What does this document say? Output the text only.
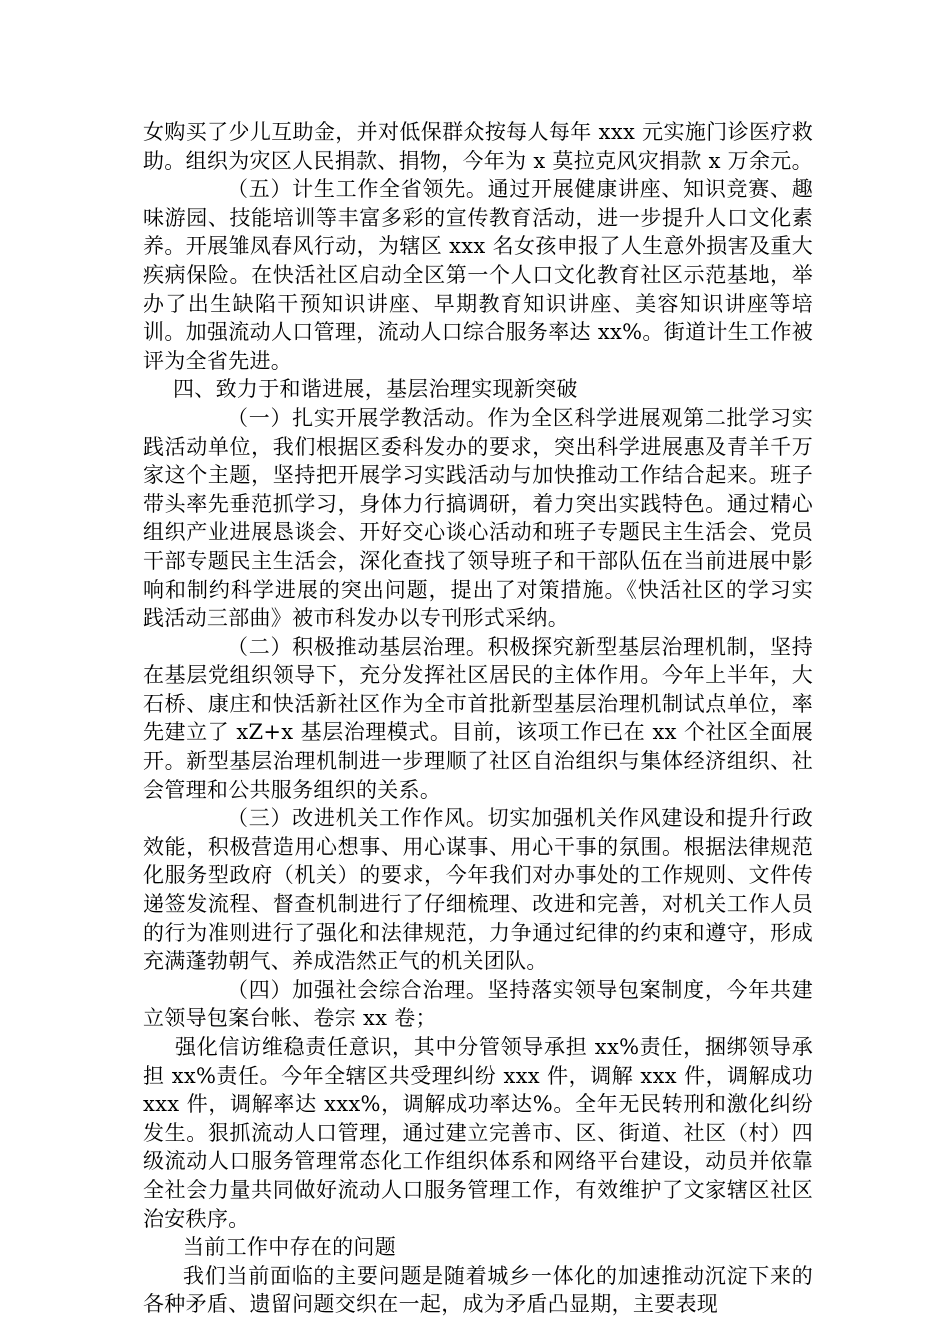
女购买了少儿互助金，并对低保群众按每人每年 xxx 元实施门诊医疗救助。组织为灾区人民捐款、捐物，今年为 x 莫拉克风灾捐款 x 万余元。

（五）计生工作全省领先。通过开展健康讲座、知识竞赛、趣味游园、技能培训等丰富多彩的宣传教育活动，进一步提升人口文化素养。开展雏凤春风行动，为辖区 xxx 名女孩申报了人生意外损害及重大疾病保险。在快活社区启动全区第一个人口文化教育社区示范基地，举办了出生缺陷干预知识讲座、早期教育知识讲座、美容知识讲座等培训。加强流动人口管理，流动人口综合服务率达 xx%。街道计生工作被评为全省先进。

四、致力于和谐进展，基层治理实现新突破

（一）扎实开展学教活动。作为全区科学进展观第二批学习实践活动单位，我们根据区委科发办的要求，突出科学进展惠及青羊千万家这个主题，坚持把开展学习实践活动与加快推动工作结合起来。班子带头率先垂范抓学习，身体力行搞调研，着力突出实践特色。通过精心组织产业进展恳谈会、开好交心谈心活动和班子专题民主生活会、党员干部专题民主生活会，深化查找了领导班子和干部队伍在当前进展中影响和制约科学进展的突出问题，提出了对策措施。《快活社区的学习实践活动三部曲》被市科发办以专刊形式采纳。

（二）积极推动基层治理。积极探究新型基层治理机制，坚持在基层党组织领导下，充分发挥社区居民的主体作用。今年上半年，大石桥、康庄和快活新社区作为全市首批新型基层治理机制试点单位，率先建立了 xZ+x 基层治理模式。目前，该项工作已在 xx 个社区全面展开。新型基层治理机制进一步理顺了社区自治组织与集体经济组织、社会管理和公共服务组织的关系。

（三）改进机关工作作风。切实加强机关作风建设和提升行政效能，积极营造用心想事、用心谋事、用心干事的氛围。根据法律规范化服务型政府（机关）的要求，今年我们对办事处的工作规则、文件传递签发流程、督查机制进行了仔细梳理、改进和完善，对机关工作人员的行为准则进行了强化和法律规范，力争通过纪律的约束和遵守，形成充满蓬勃朝气、养成浩然正气的机关团队。

（四）加强社会综合治理。坚持落实领导包案制度，今年共建立领导包案台帐、卷宗 xx 卷；

强化信访维稳责任意识，其中分管领导承担 xx%责任，捆绑领导承担 xx%责任。今年全辖区共受理纠纷 xxx 件，调解 xxx 件，调解成功 xxx 件，调解率达 xxx%，调解成功率达%。全年无民转刑和激化纠纷发生。狠抓流动人口管理，通过建立完善市、区、街道、社区（村）四级流动人口服务管理常态化工作组织体系和网络平台建设，动员并依靠全社会力量共同做好流动人口服务管理工作，有效维护了文家辖区社区治安秩序。

当前工作中存在的问题

我们当前面临的主要问题是随着城乡一体化的加速推动沉淀下来的各种矛盾、遗留问题交织在一起，成为矛盾凸显期，主要表现
